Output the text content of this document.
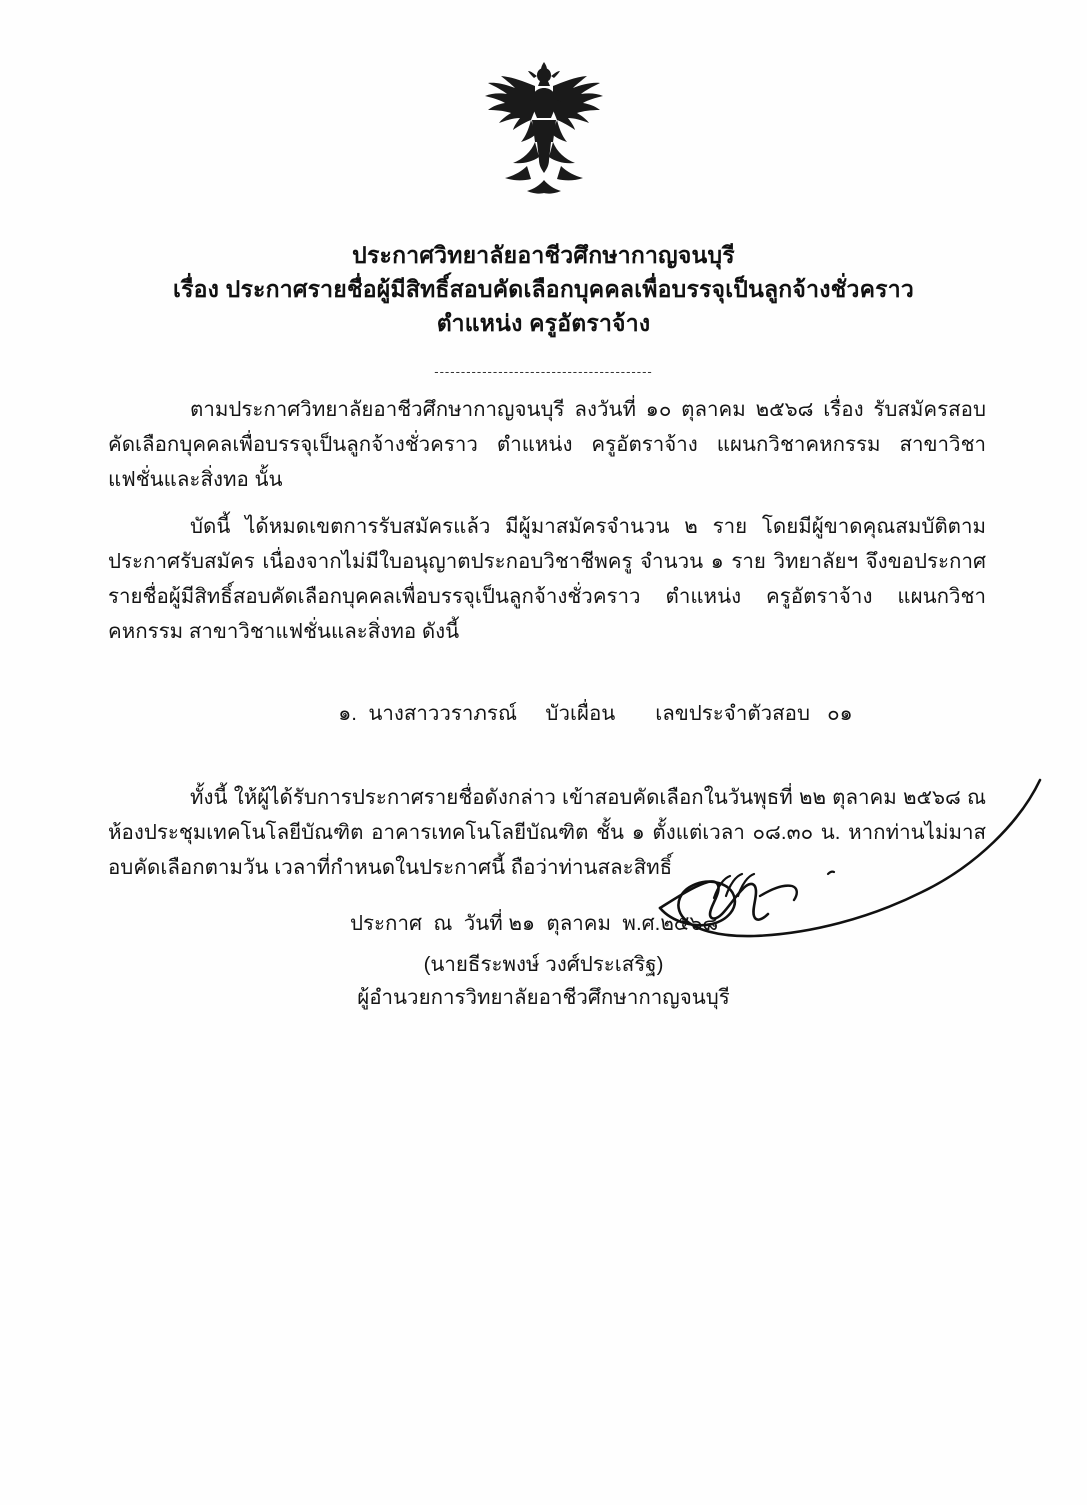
ประกาศวิทยาลัยอาชีวศึกษากาญจนบุรี
เรื่อง ประกาศรายชื่อผู้มีสิทธิ์สอบคัดเลือกบุคคลเพื่อบรรจุเป็นลูกจ้างชั่วคราว
ตำแหน่ง ครูอัตราจ้าง
-----------------------------------------

ตามประกาศวิทยาลัยอาชีวศึกษากาญจนบุรี ลงวันที่ ๑๐ ตุลาคม ๒๕๖๘ เรื่อง รับสมัครสอบคัดเลือกบุคคลเพื่อบรรจุเป็นลูกจ้างชั่วคราว ตำแหน่ง ครูอัตราจ้าง แผนกวิชาคหกรรม สาขาวิชาแฟชั่นและสิ่งทอ นั้น

บัดนี้ ได้หมดเขตการรับสมัครแล้ว มีผู้มาสมัครจำนวน ๒ ราย โดยมีผู้ขาดคุณสมบัติตามประกาศรับสมัคร เนื่องจากไม่มีใบอนุญาตประกอบวิชาชีพครู จำนวน ๑ ราย วิทยาลัยฯ จึงขอประกาศรายชื่อผู้มีสิทธิ์สอบคัดเลือกบุคคลเพื่อบรรจุเป็นลูกจ้างชั่วคราว ตำแหน่ง ครูอัตราจ้าง แผนกวิชาคหกรรม สาขาวิชาแฟชั่นและสิ่งทอ ดังนี้

๑. นางสาววราภรณ์     บัวเผื่อน เลขประจำตัวสอบ ๐๑

ทั้งนี้ ให้ผู้ได้รับการประกาศรายชื่อดังกล่าว เข้าสอบคัดเลือกในวันพุธที่ ๒๒ ตุลาคม ๒๕๖๘ ณ ห้องประชุมเทคโนโลยีบัณฑิต อาคารเทคโนโลยีบัณฑิต ชั้น ๑ ตั้งแต่เวลา ๐๘.๓๐ น. หากท่านไม่มาสอบคัดเลือกตามวัน เวลาที่กำหนดในประกาศนี้ ถือว่าท่านสละสิทธิ์

ประกาศ  ณ  วันที่ ๒๑  ตุลาคม  พ.ศ.๒๕๖๘
(นายธีระพงษ์ วงศ์ประเสริฐ)
ผู้อำนวยการวิทยาลัยอาชีวศึกษากาญจนบุรี
